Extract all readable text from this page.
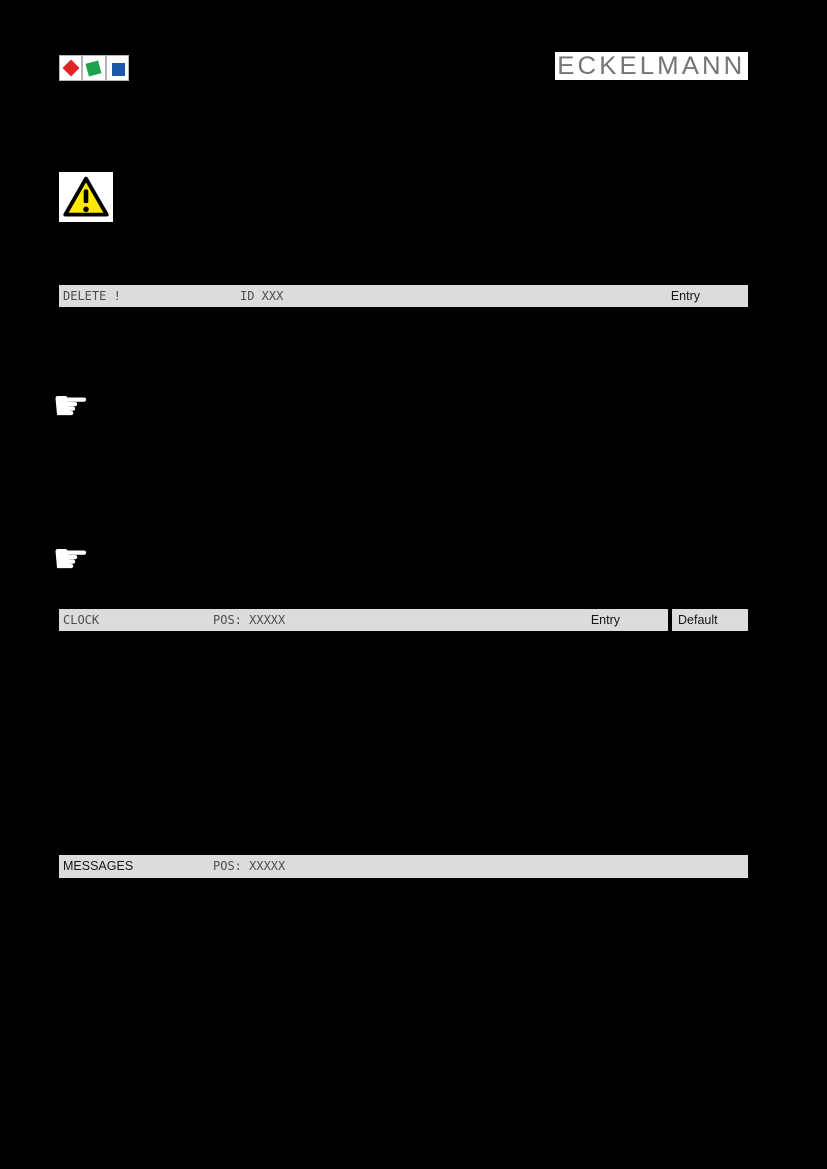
ECKELMANN
DELETE !	ID XXX	Entry
☛
☛
CLOCK	POS: XXXXX	Entry	Default
MESSAGES	POS: XXXXX
